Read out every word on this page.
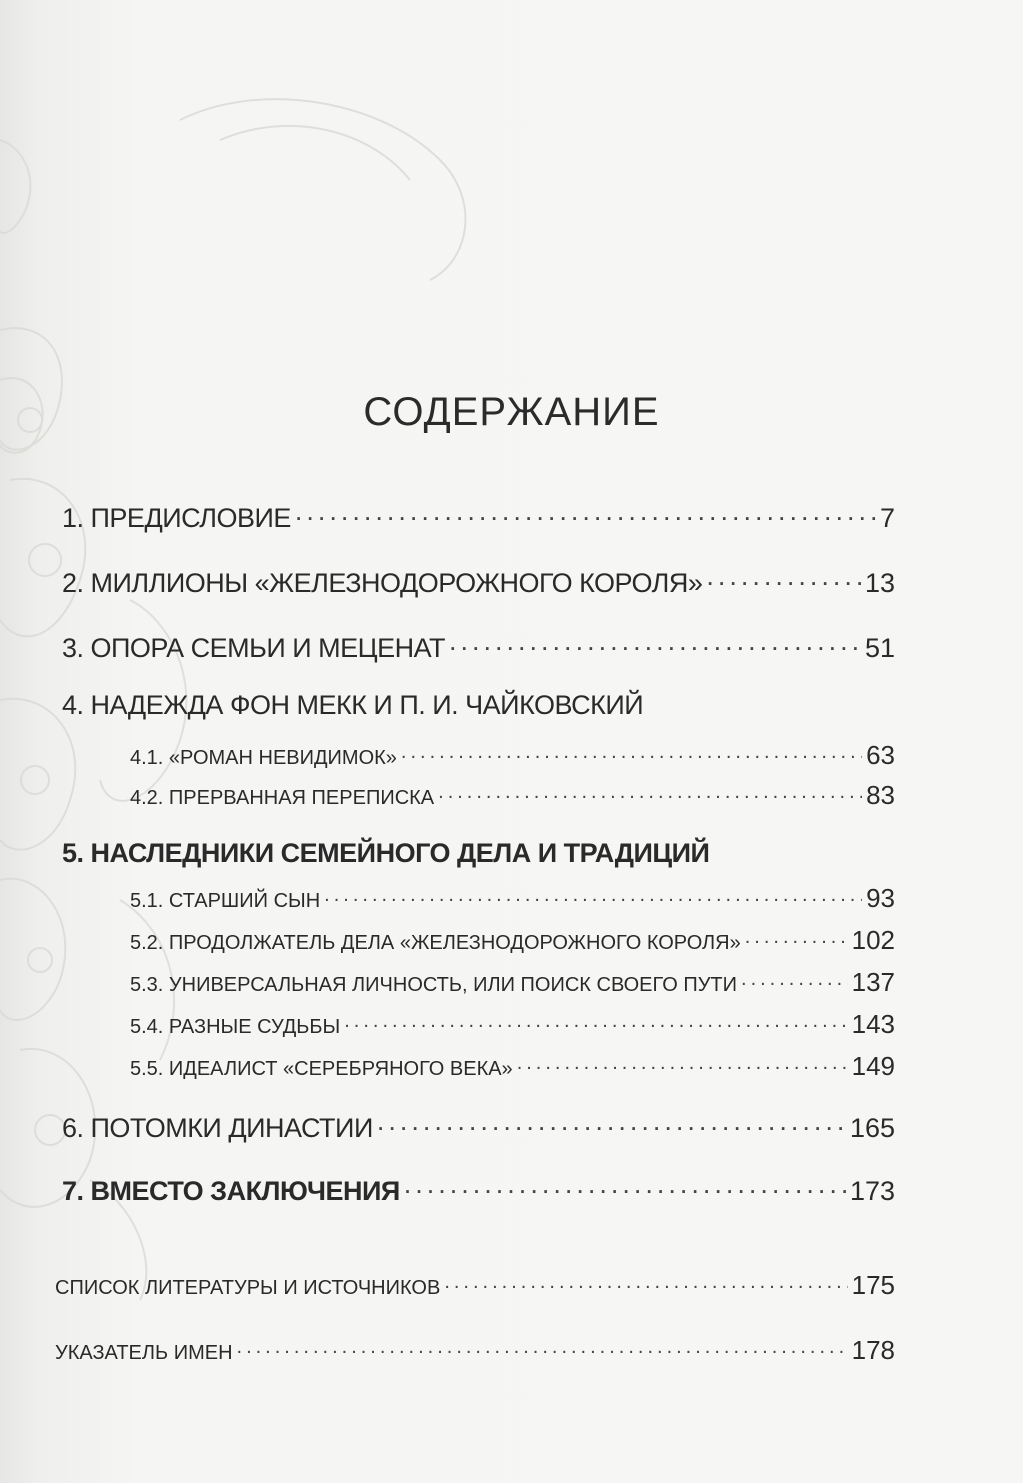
СОДЕРЖАНИЕ
1. ПРЕДИСЛОВИЕ .....	7
2. МИЛЛИОНЫ «ЖЕЛЕЗНОДОРОЖНОГО КОРОЛЯ» .....	13
3. ОПОРА СЕМЬИ И МЕЦЕНАТ .....	51
4. НАДЕЖДА ФОН МЕКК И П. И. ЧАЙКОВСКИЙ
4.1. «РОМАН НЕВИДИМОК» .....	63
4.2. ПРЕРВАННАЯ ПЕРЕПИСКА .....	83
5. НАСЛЕДНИКИ СЕМЕЙНОГО ДЕЛА И ТРАДИЦИЙ
5.1. СТАРШИЙ СЫН .....	93
5.2. ПРОДОЛЖАТЕЛЬ ДЕЛА «ЖЕЛЕЗНОДОРОЖНОГО КОРОЛЯ» .....	102
5.3. УНИВЕРСАЛЬНАЯ ЛИЧНОСТЬ, ИЛИ ПОИСК СВОЕГО ПУТИ .....	137
5.4. РАЗНЫЕ СУДЬБЫ .....	143
5.5. ИДЕАЛИСТ «СЕРЕБРЯНОГО ВЕКА» .....	149
6. ПОТОМКИ ДИНАСТИИ .....	165
7. ВМЕСТО ЗАКЛЮЧЕНИЯ .....	173
СПИСОК ЛИТЕРАТУРЫ И ИСТОЧНИКОВ .....	175
УКАЗАТЕЛЬ ИМЕН .....	178
